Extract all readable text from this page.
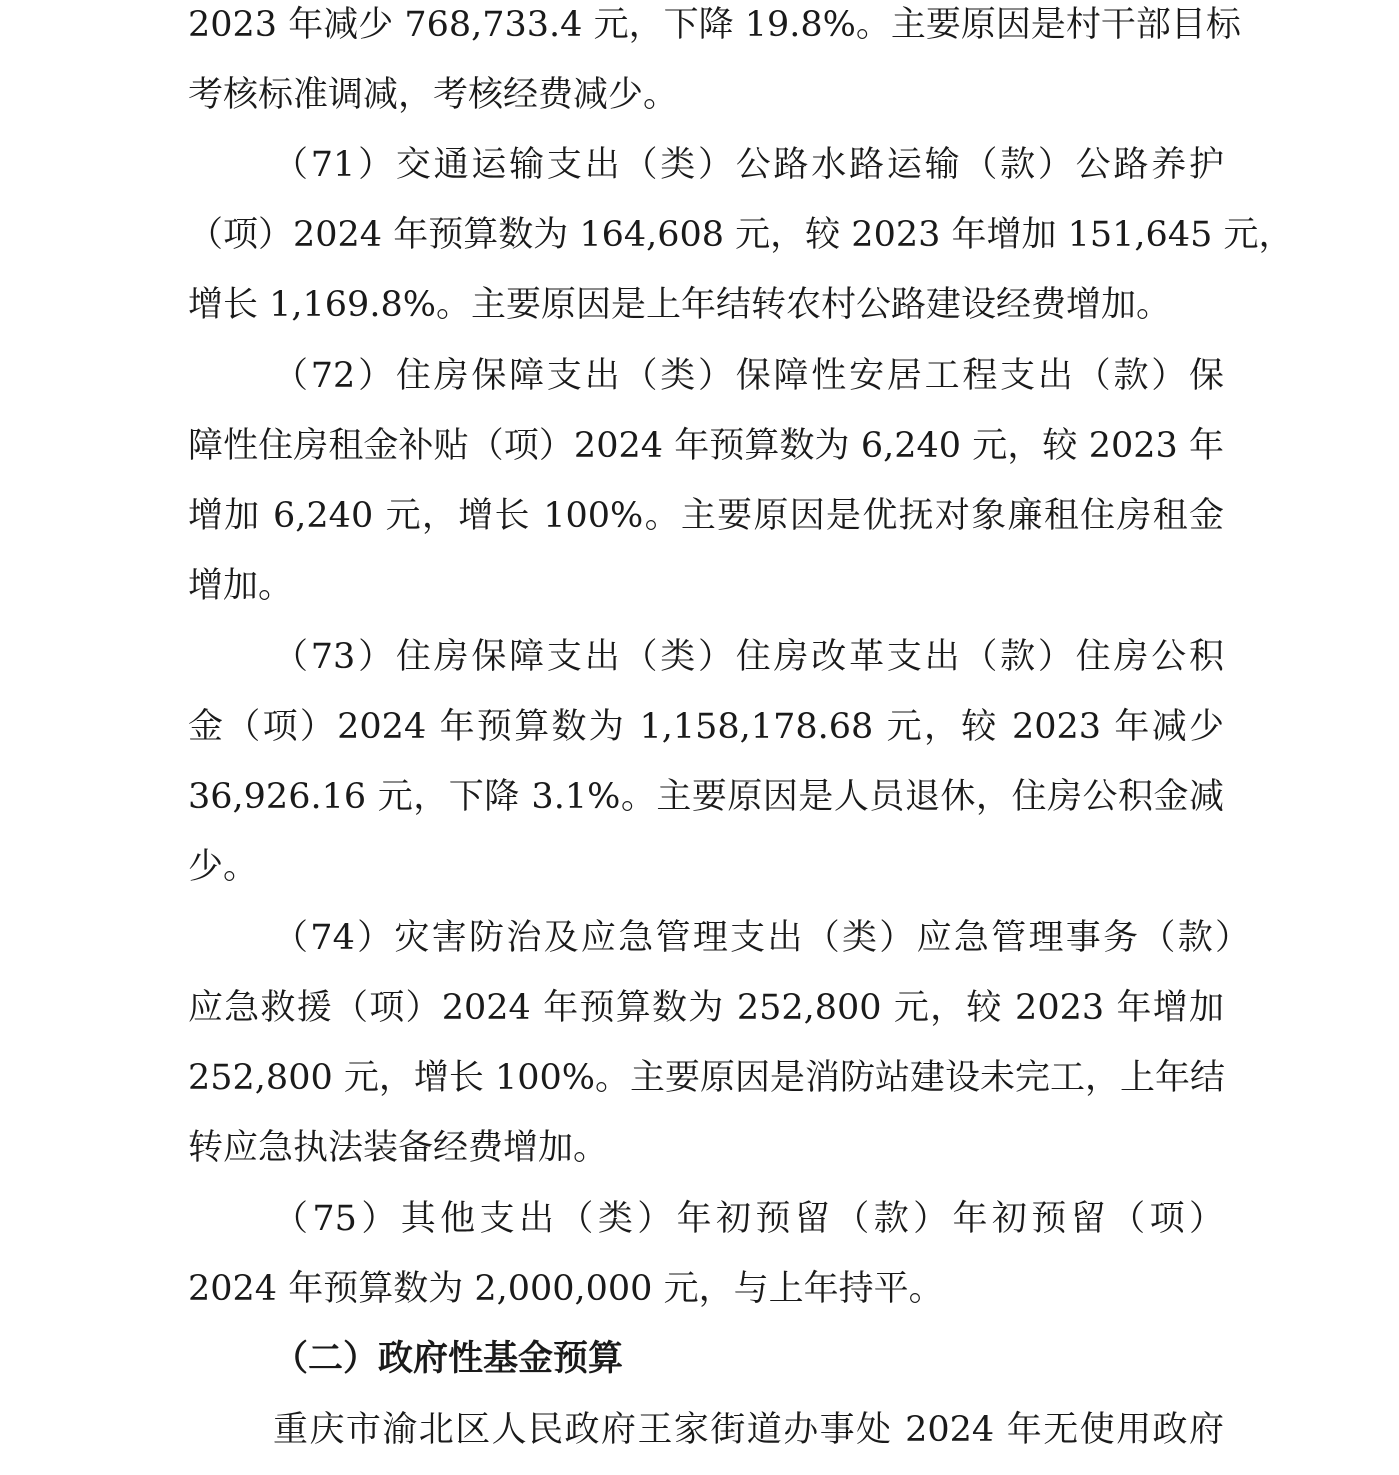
2023 年减少 768,733.4 元，下降 19.8%。主要原因是村干部目标
考核标准调减，考核经费减少。
（71）交通运输支出（类）公路水路运输（款）公路养护
（项）2024 年预算数为 164,608 元，较 2023 年增加 151,645 元，
增长 1,169.8%。主要原因是上年结转农村公路建设经费增加。
（72）住房保障支出（类）保障性安居工程支出（款）保
障性住房租金补贴（项）2024 年预算数为 6,240 元，较 2023 年
增加 6,240 元，增长 100%。主要原因是优抚对象廉租住房租金
增加。
（73）住房保障支出（类）住房改革支出（款）住房公积
金（项）2024 年预算数为 1,158,178.68 元，较 2023 年减少
36,926.16 元，下降 3.1%。主要原因是人员退休，住房公积金减
少。
（74）灾害防治及应急管理支出（类）应急管理事务（款）
应急救援（项）2024 年预算数为 252,800 元，较 2023 年增加
252,800 元，增长 100%。主要原因是消防站建设未完工，上年结
转应急执法装备经费增加。
（75）其他支出（类）年初预留（款）年初预留（项）
2024 年预算数为 2,000,000 元，与上年持平。
（二）政府性基金预算
重庆市渝北区人民政府王家街道办事处 2024 年无使用政府
